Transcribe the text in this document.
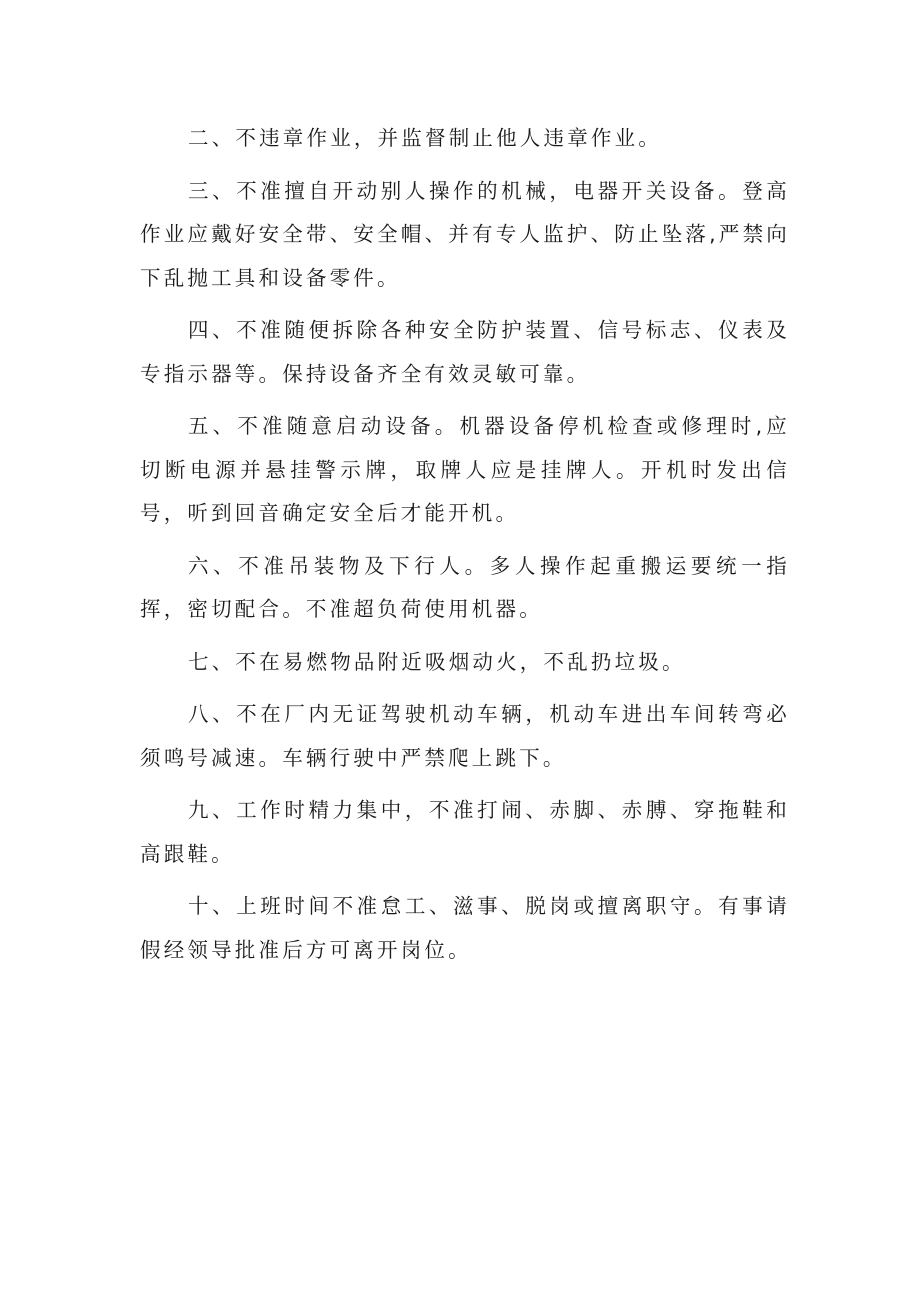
二、不违章作业，并监督制止他人违章作业。

三、不准擅自开动别人操作的机械，电器开关设备。登高作业应戴好安全带、安全帽、并有专人监护、防止坠落,严禁向下乱抛工具和设备零件。

四、不准随便拆除各种安全防护装置、信号标志、仪表及专指示器等。保持设备齐全有效灵敏可靠。

五、不准随意启动设备。机器设备停机检查或修理时,应切断电源并悬挂警示牌，取牌人应是挂牌人。开机时发出信号，听到回音确定安全后才能开机。

六、不准吊装物及下行人。多人操作起重搬运要统一指挥，密切配合。不准超负荷使用机器。

七、不在易燃物品附近吸烟动火，不乱扔垃圾。

八、不在厂内无证驾驶机动车辆，机动车进出车间转弯必须鸣号减速。车辆行驶中严禁爬上跳下。

九、工作时精力集中，不准打闹、赤脚、赤膊、穿拖鞋和高跟鞋。

十、上班时间不准怠工、滋事、脱岗或擅离职守。有事请假经领导批准后方可离开岗位。
